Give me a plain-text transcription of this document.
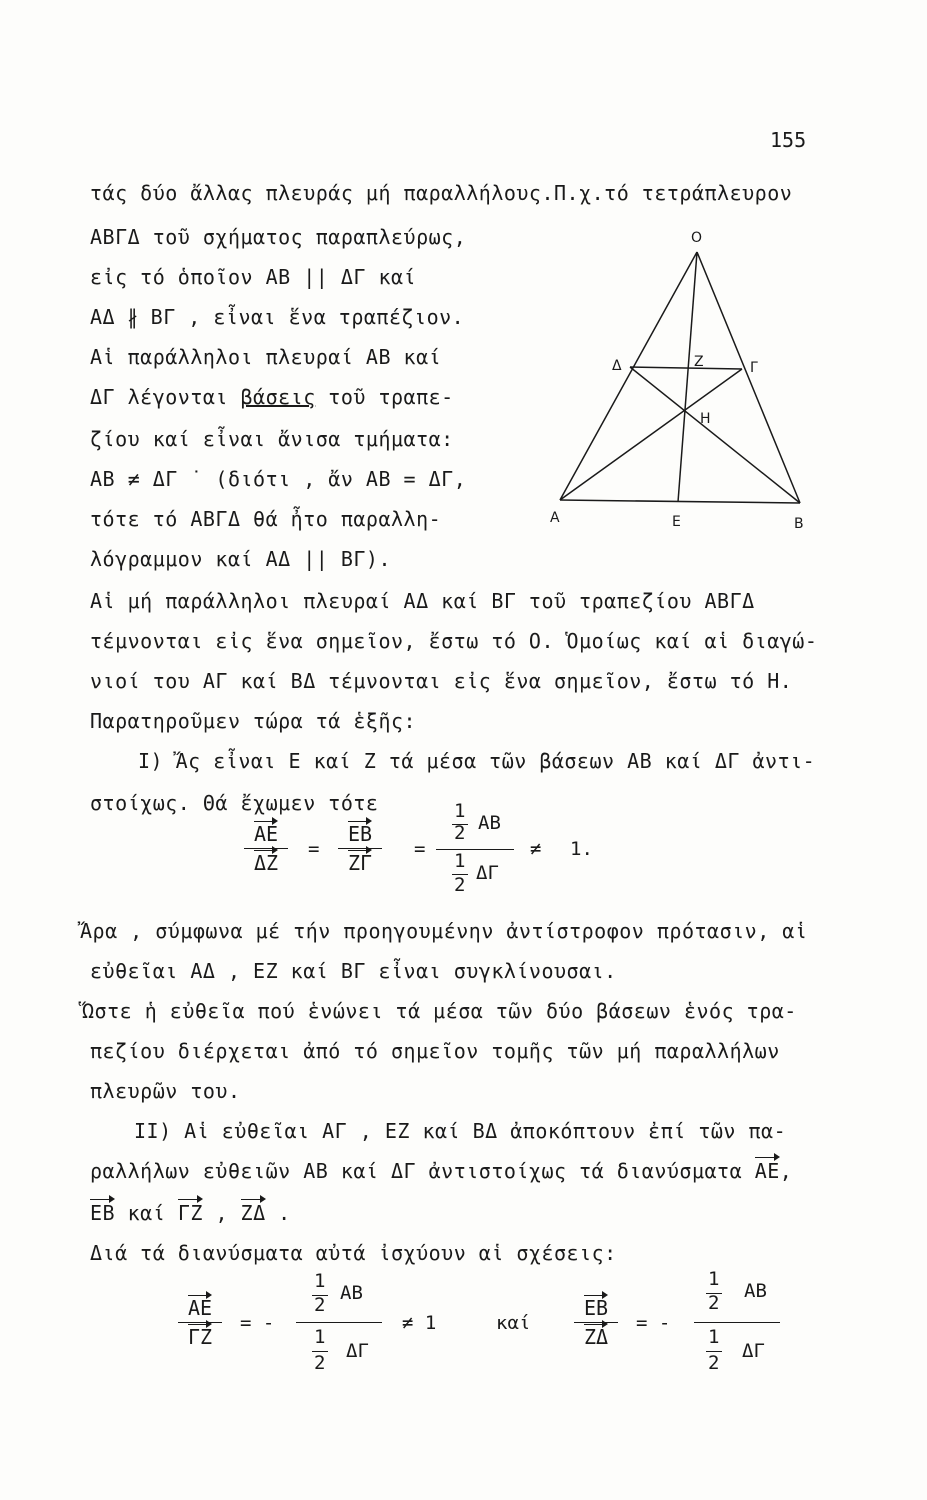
155
τάς δύο ἄλλας πλευράς μή παραλλήλους.Π.χ.τό τετράπλευρον
ΑΒΓΔ τοῦ σχήματος παραπλεύρως,
εἰς τό ὁποῖον ΑΒ || ΔΓ καί
ΑΔ ∦ ΒΓ , εἶναι ἕνα τραπέζιον.
Αἱ παράλληλοι πλευραί ΑΒ καί
ΔΓ λέγονται βάσεις τοῦ τραπε-
ζίου καί εἶναι ἄνισα τμήματα:
ΑΒ ≠ ΔΓ ˙ (διότι , ἄν ΑΒ = ΔΓ,
τότε τό ΑΒΓΔ θά ἦτο παραλλη-
λόγραμμον καί ΑΔ || ΒΓ).
Αἱ μή παράλληλοι πλευραί ΑΔ καί ΒΓ τοῦ τραπεζίου ΑΒΓΔ
τέμνονται εἰς ἕνα σημεῖον, ἔστω τό Ο. Ὁμοίως καί αἱ διαγώ-
νιοί του ΑΓ καί ΒΔ τέμνονται εἰς ἕνα σημεῖον, ἔστω τό Η.
Παρατηροῦμεν τώρα τά ἑξῆς:
Ι) Ἄς εἶναι Ε καί Ζ τά μέσα τῶν βάσεων ΑΒ καί ΔΓ ἀντι-
στοίχως. Θά ἔχωμεν τότε
ΑΕ
ΔΖ
=
ΕΒ
ΖΓ
=
1
2 ΑΒ
1
2
ΔΓ
≠ 1.
Ἄρα , σύμφωνα μέ τήν προηγουμένην ἀντίστροφον πρότασιν, αἱ
εὐθεῖαι ΑΔ , ΕΖ καί ΒΓ εἶναι συγκλίνουσαι.
Ὥστε ἡ εὐθεῖα πού ἑνώνει τά μέσα τῶν δύο βάσεων ἑνός τρα-
πεζίου διέρχεται ἀπό τό σημεῖον τομῆς τῶν μή παραλλήλων
πλευρῶν του.
ΙΙ) Αἱ εὐθεῖαι ΑΓ , ΕΖ καί ΒΔ ἀποκόπτουν ἐπί τῶν πα-
ραλλήλων εὐθειῶν ΑΒ καί ΔΓ ἀντιστοίχως τά διανύσματα ΑΕ,
ΕΒ καί ΓΖ , ΖΔ .
Διά τά διανύσματα αὐτά ἰσχύουν αἱ σχέσεις:
ΑΕ
ΓΖ
= -
1
2
ΑΒ
1
2
ΔΓ
≠ 1	καί
ΕΒ
ΖΔ
= -
1
2
ΑΒ
1
2
ΔΓ
O
Δ	Z	Γ
H
A	E	B
